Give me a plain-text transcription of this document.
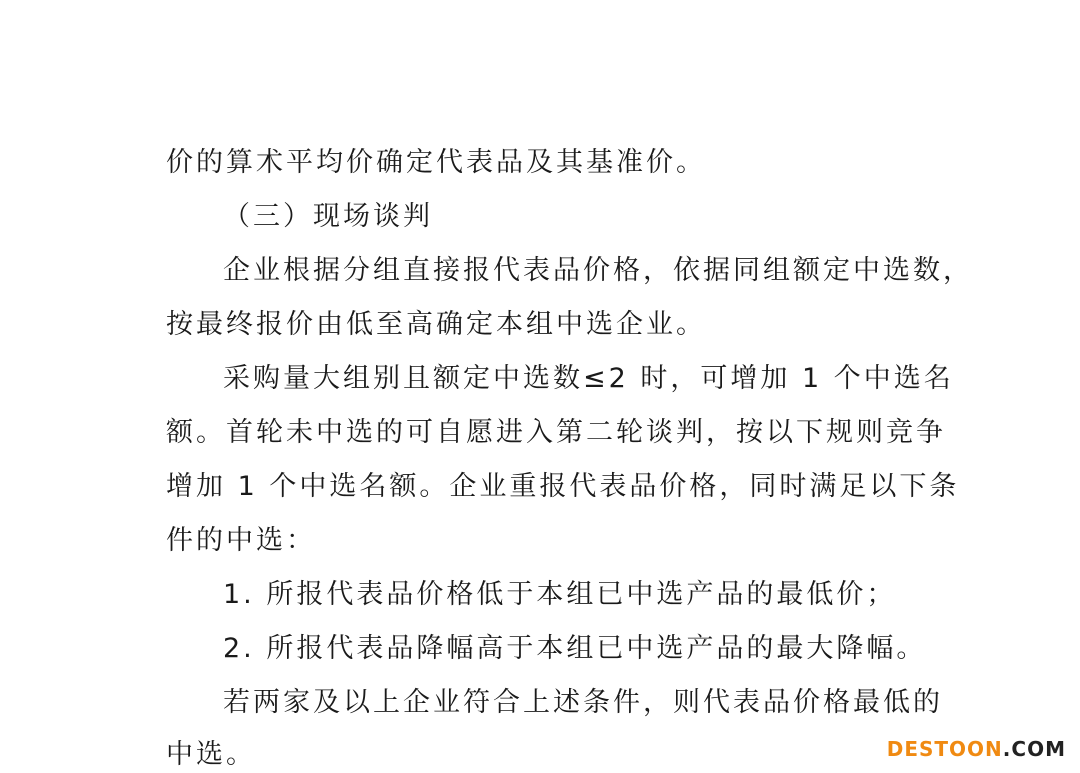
价的算术平均价确定代表品及其基准价。
（三）现场谈判
企业根据分组直接报代表品价格，依据同组额定中选数，
按最终报价由低至高确定本组中选企业。
采购量大组别且额定中选数≤2 时，可增加 1 个中选名
额。首轮未中选的可自愿进入第二轮谈判，按以下规则竞争
增加 1 个中选名额。企业重报代表品价格，同时满足以下条
件的中选：
1. 所报代表品价格低于本组已中选产品的最低价；
2. 所报代表品降幅高于本组已中选产品的最大降幅。
若两家及以上企业符合上述条件，则代表品价格最低的
中选。	DESTOON.COM
